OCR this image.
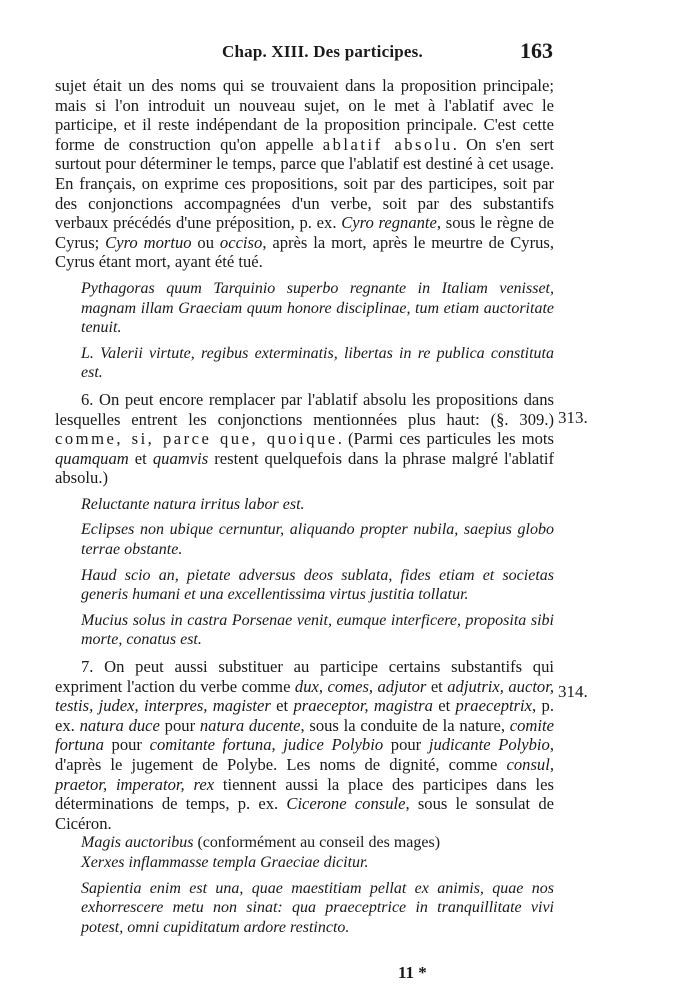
Chap. XIII. Des participes.	163

sujet était un des noms qui se trouvaient dans la proposition principale; mais si l'on introduit un nouveau sujet, on le met à l'ablatif avec le participe, et il reste indépendant de la proposition principale. C'est cette forme de construction qu'on appelle ablatif absolu. On s'en sert surtout pour déterminer le temps, parce que l'ablatif est destiné à cet usage. En français, on exprime ces propositions, soit par des participes, soit par des conjonctions accompagnées d'un verbe, soit par des substantifs verbaux précédés d'une préposition, p. ex. Cyro regnante, sous le règne de Cyrus; Cyro mortuo ou occiso, après la mort, après le meurtre de Cyrus, Cyrus étant mort, ayant été tué.

Pythagoras quum Tarquinio superbo regnante in Italiam venisset, magnam illam Graeciam quum honore disciplinae, tum etiam auctoritate tenuit.

L. Valerii virtute, regibus exterminatis, libertas in re publica constituta est.

6. On peut encore remplacer par l'ablatif absolu les propositions dans lesquelles entrent les conjonctions mentionnées plus haut: (§. 309.) comme, si, parce que, quoique. (Parmi ces particules les mots quamquam et quamvis restent quelquefois dans la phrase malgré l'ablatif absolu.)

Reluctante natura irritus labor est.

Eclipses non ubique cernuntur, aliquando propter nubila, saepius globo terrae obstante.

Haud scio an, pietate adversus deos sublata, fides etiam et societas generis humani et una excellentissima virtus justitia tollatur.

Mucius solus in castra Porsenae venit, eumque interficere, proposita sibi morte, conatus est.

7. On peut aussi substituer au participe certains substantifs qui expriment l'action du verbe comme dux, comes, adjutor et adjutrix, auctor, testis, judex, interpres, magister et praeceptor, magistra et praeceptrix, p. ex. natura duce pour natura ducente, sous la conduite de la nature, comite fortuna pour comitante fortuna, judice Polybio pour judicante Polybio, d'après le jugement de Polybe. Les noms de dignité, comme consul, praetor, imperator, rex tiennent aussi la place des participes dans les déterminations de temps, p. ex. Cicerone consule, sous le sonsulat de Cicéron.

Magis auctoribus (conformément au conseil des mages)

Xerxes inflammasse templa Graeciae dicitur.

Sapientia enim est una, quae maestitiam pellat ex animis, quae nos exhorrescere metu non sinat: qua praeceptrice in tranquillitate vivi potest, omni cupiditatum ardore restincto.

313.
314.
11 *
